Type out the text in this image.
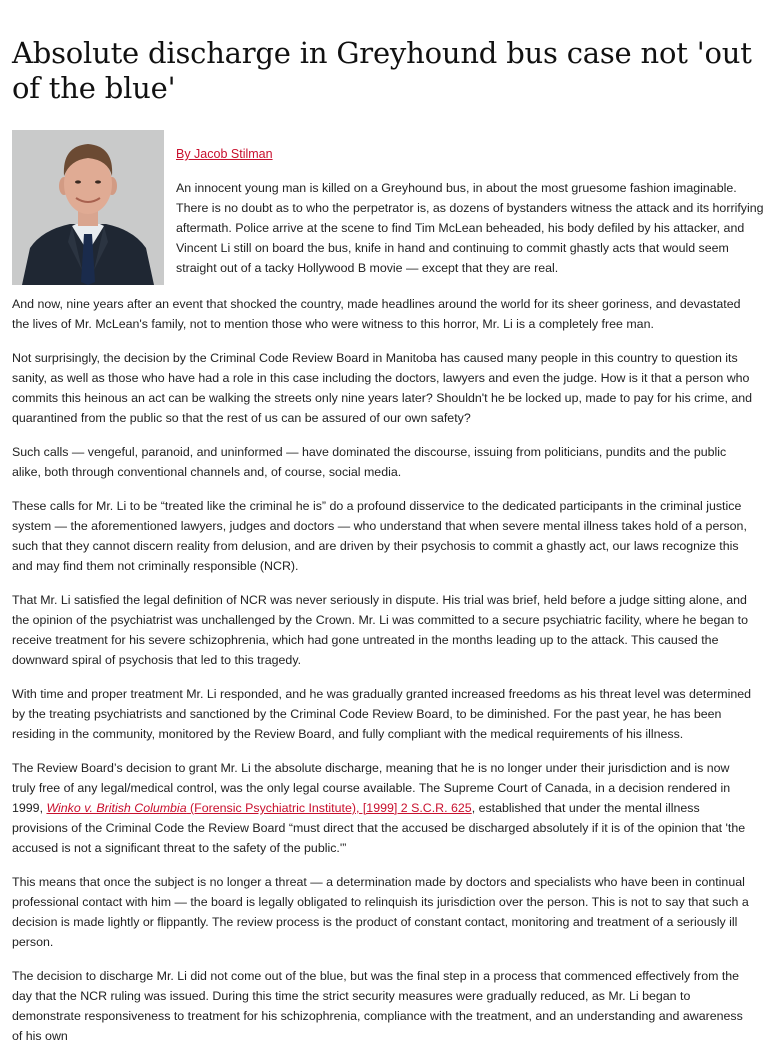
Absolute discharge in Greyhound bus case not 'out of the blue'

By Jacob Stilman

An innocent young man is killed on a Greyhound bus, in about the most gruesome fashion imaginable. There is no doubt as to who the perpetrator is, as dozens of bystanders witness the attack and its horrifying aftermath. Police arrive at the scene to find Tim McLean beheaded, his body defiled by his attacker, and Vincent Li still on board the bus, knife in hand and continuing to commit ghastly acts that would seem straight out of a tacky Hollywood B movie — except that they are real.

And now, nine years after an event that shocked the country, made headlines around the world for its sheer goriness, and devastated the lives of Mr. McLean's family, not to mention those who were witness to this horror, Mr. Li is a completely free man.

Not surprisingly, the decision by the Criminal Code Review Board in Manitoba has caused many people in this country to question its sanity, as well as those who have had a role in this case including the doctors, lawyers and even the judge. How is it that a person who commits this heinous an act can be walking the streets only nine years later? Shouldn't he be locked up, made to pay for his crime, and quarantined from the public so that the rest of us can be assured of our own safety?

Such calls — vengeful, paranoid, and uninformed — have dominated the discourse, issuing from politicians, pundits and the public alike, both through conventional channels and, of course, social media.

These calls for Mr. Li to be “treated like the criminal he is” do a profound disservice to the dedicated participants in the criminal justice system — the aforementioned lawyers, judges and doctors — who understand that when severe mental illness takes hold of a person, such that they cannot discern reality from delusion, and are driven by their psychosis to commit a ghastly act, our laws recognize this and may find them not criminally responsible (NCR).

That Mr. Li satisfied the legal definition of NCR was never seriously in dispute. His trial was brief, held before a judge sitting alone, and the opinion of the psychiatrist was unchallenged by the Crown. Mr. Li was committed to a secure psychiatric facility, where he began to receive treatment for his severe schizophrenia, which had gone untreated in the months leading up to the attack. This caused the downward spiral of psychosis that led to this tragedy.

With time and proper treatment Mr. Li responded, and he was gradually granted increased freedoms as his threat level was determined by the treating psychiatrists and sanctioned by the Criminal Code Review Board, to be diminished. For the past year, he has been residing in the community, monitored by the Review Board, and fully compliant with the medical requirements of his illness.

The Review Board’s decision to grant Mr. Li the absolute discharge, meaning that he is no longer under their jurisdiction and is now truly free of any legal/medical control, was the only legal course available. The Supreme Court of Canada, in a decision rendered in 1999, Winko v. British Columbia (Forensic Psychiatric Institute), [1999] 2 S.C.R. 625, established that under the mental illness provisions of the Criminal Code the Review Board “must direct that the accused be discharged absolutely if it is of the opinion that 'the accused is not a significant threat to the safety of the public.'”

This means that once the subject is no longer a threat — a determination made by doctors and specialists who have been in continual professional contact with him — the board is legally obligated to relinquish its jurisdiction over the person. This is not to say that such a decision is made lightly or flippantly. The review process is the product of constant contact, monitoring and treatment of a seriously ill person.

The decision to discharge Mr. Li did not come out of the blue, but was the final step in a process that commenced effectively from the day that the NCR ruling was issued. During this time the strict security measures were gradually reduced, as Mr. Li began to demonstrate responsiveness to treatment for his schizophrenia, compliance with the treatment, and an understanding and awareness of his own
